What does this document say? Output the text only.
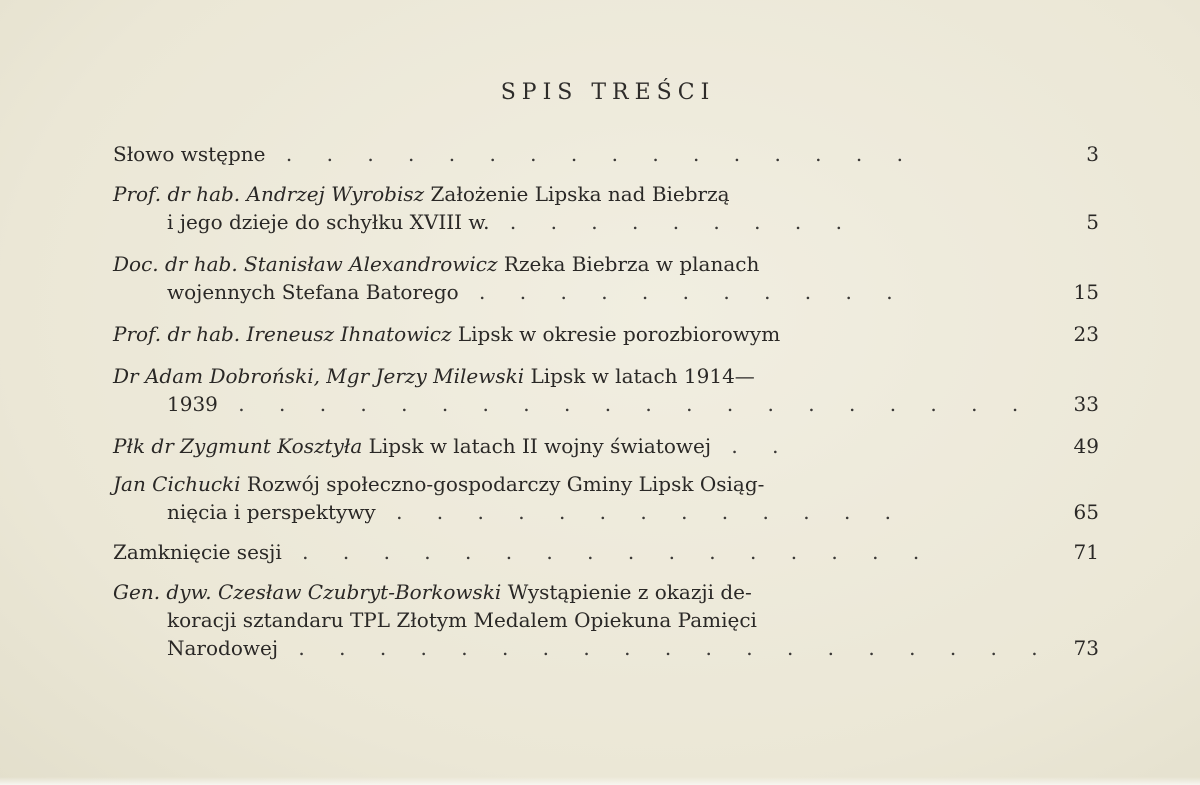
SPIS TREŚCI
Słowo wstępne . . . . . . . . . . . . . . . .	3
Prof. dr hab. Andrzej Wyrobisz Założenie Lipska nad Biebrzą
i jego dzieje do schyłku XVIII w. . . . . . . . . .	5
Doc. dr hab. Stanisław Alexandrowicz Rzeka Biebrza w planach
wojennych Stefana Batorego . . . . . . . . . . .	15
Prof. dr hab. Ireneusz Ihnatowicz Lipsk w okresie porozbiorowym	23
Dr Adam Dobroński, Mgr Jerzy Milewski Lipsk w latach 1914—
1939 . . . . . . . . . . . . . . . . . . . .	33
Płk dr Zygmunt Kosztyła Lipsk w latach II wojny światowej . .	49
Jan Cichucki Rozwój społeczno-gospodarczy Gminy Lipsk Osiąg-
nięcia i perspektywy . . . . . . . . . . . . .	65
Zamknięcie sesji . . . . . . . . . . . . . . . .	71
Gen. dyw. Czesław Czubryt-Borkowski Wystąpienie z okazji de-
koracji sztandaru TPL Złotym Medalem Opiekuna Pamięci
Narodowej . . . . . . . . . . . . . . . . . . .	73
